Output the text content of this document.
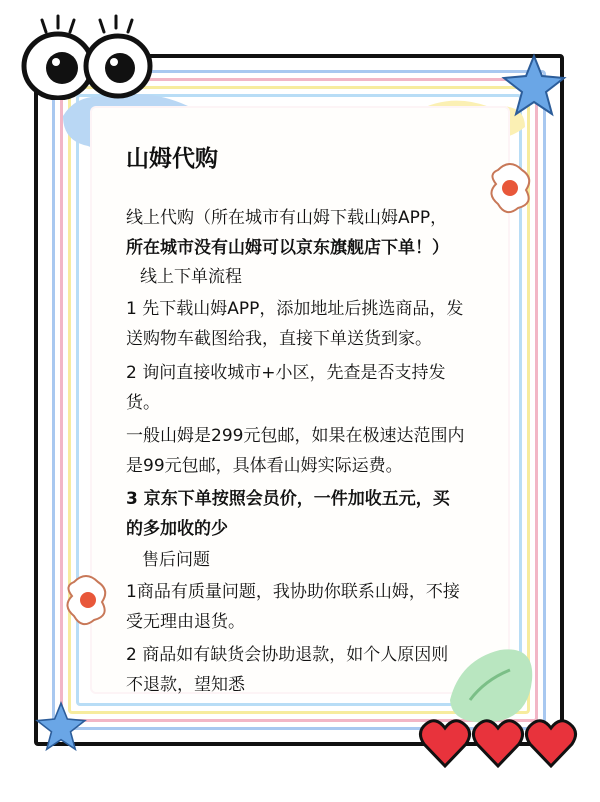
山姆代购
线上代购（所在城市有山姆下载山姆APP，
所在城市没有山姆可以京东旗舰店下单！）
线上下单流程
1 先下载山姆APP，添加地址后挑选商品，发
送购物车截图给我，直接下单送货到家。
2 询问直接收城市+小区，先查是否支持发
货。
一般山姆是299元包邮，如果在极速达范围内
是99元包邮，具体看山姆实际运费。
3 京东下单按照会员价，一件加收五元，买
的多加收的少
售后问题
1商品有质量问题，我协助你联系山姆，不接
受无理由退货。
2 商品如有缺货会协助退款，如个人原因则
不退款，望知悉
